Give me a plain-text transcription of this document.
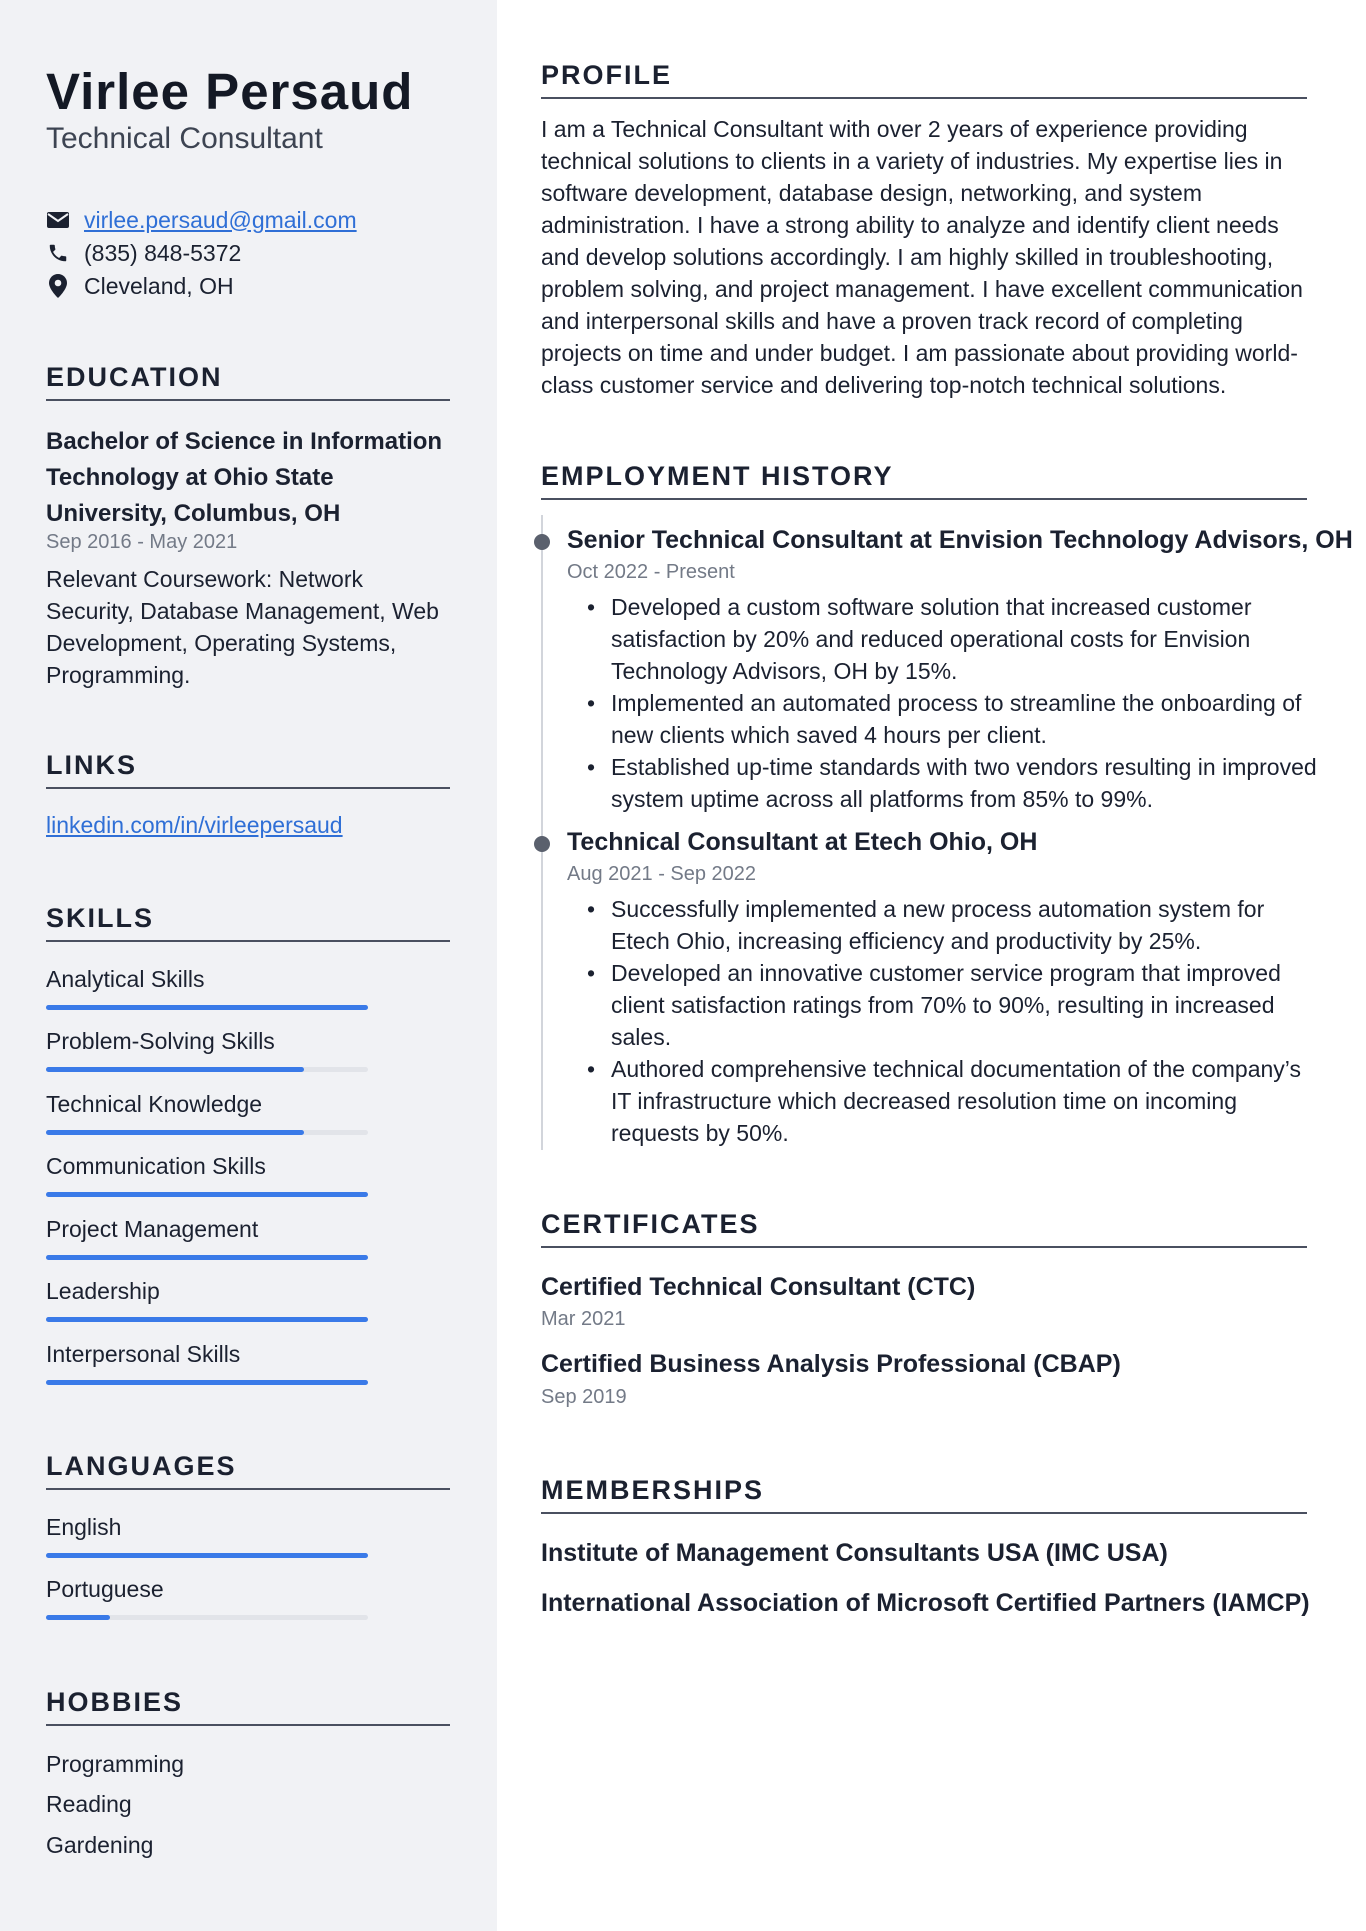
Virlee Persaud
Technical Consultant
virlee.persaud@gmail.com
(835) 848-5372
Cleveland, OH
EDUCATION
Bachelor of Science in Information Technology at Ohio State University, Columbus, OH
Sep 2016 - May 2021
Relevant Coursework: Network Security, Database Management, Web Development, Operating Systems, Programming.
LINKS
linkedin.com/in/virleepersaud
SKILLS
Analytical Skills
Problem-Solving Skills
Technical Knowledge
Communication Skills
Project Management
Leadership
Interpersonal Skills
LANGUAGES
English
Portuguese
HOBBIES
Programming
Reading
Gardening
PROFILE
I am a Technical Consultant with over 2 years of experience providing technical solutions to clients in a variety of industries. My expertise lies in software development, database design, networking, and system administration. I have a strong ability to analyze and identify client needs and develop solutions accordingly. I am highly skilled in troubleshooting, problem solving, and project management. I have excellent communication and interpersonal skills and have a proven track record of completing projects on time and under budget. I am passionate about providing world-class customer service and delivering top-notch technical solutions.
EMPLOYMENT HISTORY
Senior Technical Consultant at Envision Technology Advisors, OH
Oct 2022 - Present
• Developed a custom software solution that increased customer satisfaction by 20% and reduced operational costs for Envision Technology Advisors, OH by 15%.
• Implemented an automated process to streamline the onboarding of new clients which saved 4 hours per client.
• Established up-time standards with two vendors resulting in improved system uptime across all platforms from 85% to 99%.
Technical Consultant at Etech Ohio, OH
Aug 2021 - Sep 2022
• Successfully implemented a new process automation system for Etech Ohio, increasing efficiency and productivity by 25%.
• Developed an innovative customer service program that improved client satisfaction ratings from 70% to 90%, resulting in increased sales.
• Authored comprehensive technical documentation of the company’s IT infrastructure which decreased resolution time on incoming requests by 50%.
CERTIFICATES
Certified Technical Consultant (CTC)
Mar 2021
Certified Business Analysis Professional (CBAP)
Sep 2019
MEMBERSHIPS
Institute of Management Consultants USA (IMC USA)
International Association of Microsoft Certified Partners (IAMCP)
